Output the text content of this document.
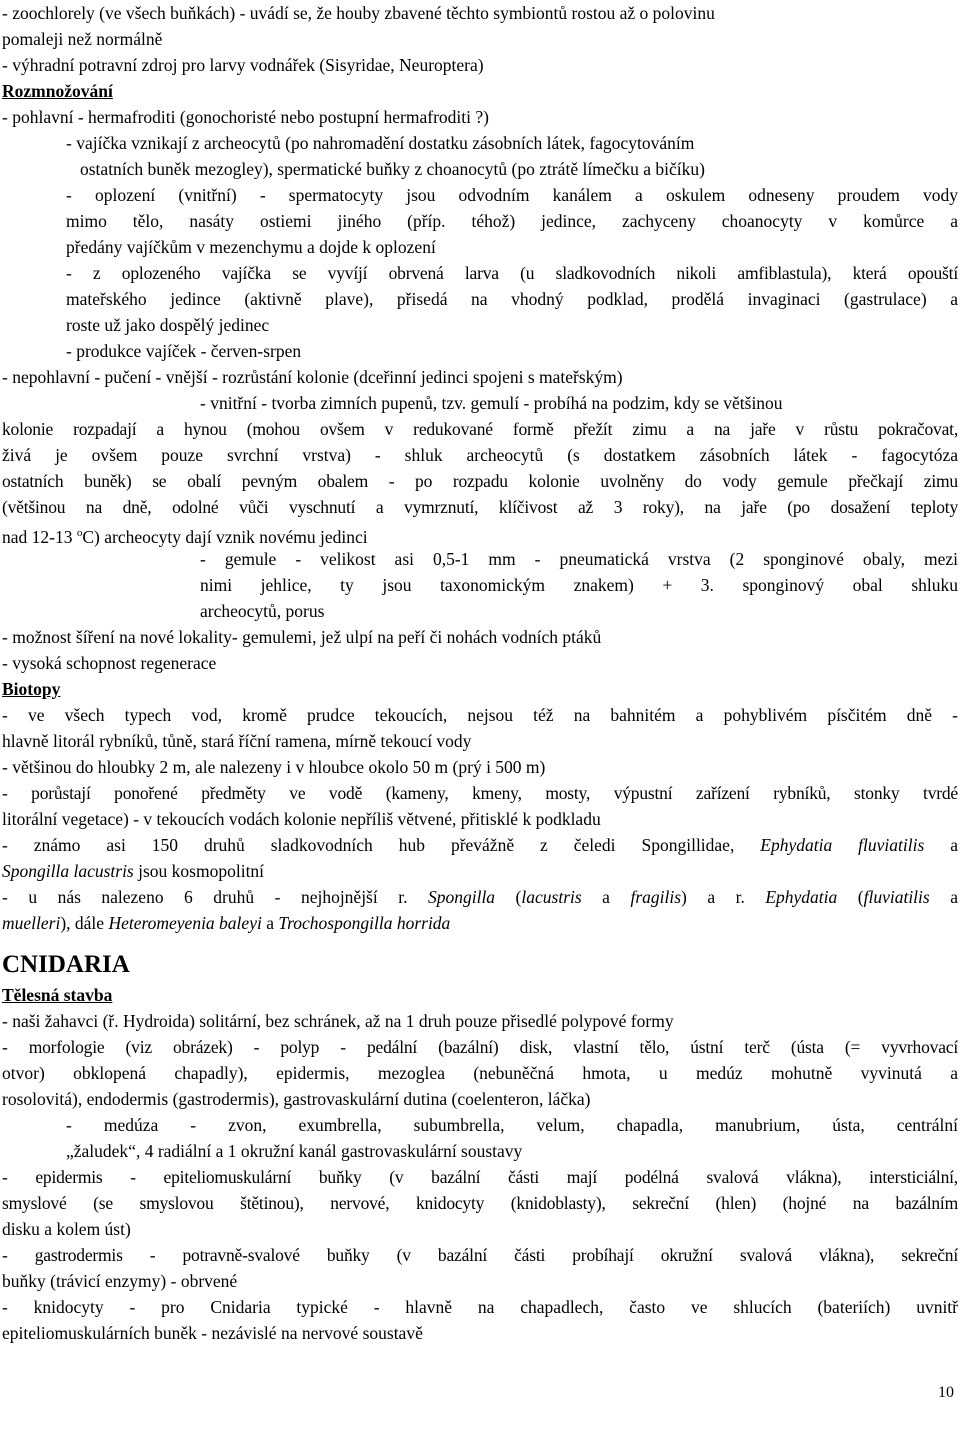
- zoochlorely (ve všech buňkách) - uvádí se, že houby zbavené těchto symbiontů rostou až o polovinu
pomaleji než normálně
- výhradní potravní zdroj pro larvy vodnářek (Sisyridae, Neuroptera)
Rozmnožování
- pohlavní - hermafroditi (gonochoristé nebo postupní hermafroditi ?)
- vajíčka vznikají z archeocytů (po nahromadění dostatku zásobních látek, fagocytováním
ostatních buněk mezogley), spermatické buňky z choanocytů (po ztrátě límečku a bičíku)
- oplození (vnitřní) - spermatocyty jsou odvodním kanálem a oskulem odneseny proudem vody
mimo tělo, nasáty ostiemi jiného (příp. téhož) jedince, zachyceny choanocyty v komůrce a
předány vajíčkům v mezenchymu a dojde k oplození
- z oplozeného vajíčka se vyvíjí obrvená larva (u sladkovodních nikoli amfiblastula), která opouští
mateřského jedince (aktivně plave), přisedá na vhodný podklad, prodělá invaginaci (gastrulace) a
roste už jako dospělý jedinec
- produkce vajíček - červen-srpen
- nepohlavní - pučení - vnější - rozrůstání kolonie (dceřinní jedinci spojeni s mateřským)
- vnitřní - tvorba zimních pupenů, tzv. gemulí - probíhá na podzim, kdy se většinou
kolonie rozpadají a hynou (mohou ovšem v redukované formě přežít zimu a na jaře v růstu pokračovat,
živá je ovšem pouze svrchní vrstva) - shluk archeocytů (s dostatkem zásobních látek - fagocytóza
ostatních buněk) se obalí pevným obalem - po rozpadu kolonie uvolněny do vody gemule přečkají zimu
(většinou na dně, odolné vůči vyschnutí a vymrznutí, klíčivost až 3 roky), na jaře (po dosažení teploty
nad 12-13 $^o$C) archeocyty dají vznik novému jedinci
- gemule - velikost asi 0,5-1 mm - pneumatická vrstva (2 sponginové obaly, mezi
nimi jehlice, ty jsou taxonomickým znakem) + 3. sponginový obal shluku
archeocytů, porus
- možnost šíření na nové lokality- gemulemi, jež ulpí na peří či nohách vodních ptáků
- vysoká schopnost regenerace
Biotopy
- ve všech typech vod, kromě prudce tekoucích, nejsou též na bahnitém a pohyblivém písčitém dně -
hlavně litorál rybníků, tůně, stará říční ramena, mírně tekoucí vody
- většinou do hloubky 2 m, ale nalezeny i v hloubce okolo 50 m (prý i 500 m)
- porůstají ponořené předměty ve vodě (kameny, kmeny, mosty, výpustní zařízení rybníků, stonky tvrdé
litorální vegetace) - v tekoucích vodách kolonie nepříliš větvené, přitisklé k podkladu
- známo asi 150 druhů sladkovodních hub převážně z čeledi Spongillidae, Ephydatia fluviatilis a
Spongilla lacustris jsou kosmopolitní
- u nás nalezeno 6 druhů - nejhojnější r. Spongilla (lacustris a fragilis) a r. Ephydatia (fluviatilis a
muelleri), dále Heteromeyenia baleyi a Trochospongilla horrida
CNIDARIA
Tělesná stavba
- naši žahavci (ř. Hydroida) solitární, bez schránek, až na 1 druh pouze přisedlé polypové formy
- morfologie (viz obrázek) - polyp - pedální (bazální) disk, vlastní tělo, ústní terč (ústa (= vyvrhovací
otvor) obklopená chapadly), epidermis, mezoglea (nebuněčná hmota, u medúz mohutně vyvinutá a
rosolovitá), endodermis (gastrodermis), gastrovaskulární dutina (coelenteron, láčka)
- medúza - zvon, exumbrella, subumbrella, velum, chapadla, manubrium, ústa, centrální
„žaludek“, 4 radiální a 1 okružní kanál gastrovaskulární soustavy
- epidermis - epiteliomuskulární buňky (v bazální části mají podélná svalová vlákna), intersticiální,
smyslové (se smyslovou štětinou), nervové, knidocyty (knidoblasty), sekreční (hlen) (hojné na bazálním
disku a kolem úst)
- gastrodermis - potravně-svalové buňky (v bazální části probíhají okružní svalová vlákna), sekreční
buňky (trávicí enzymy) - obrvené
- knidocyty - pro Cnidaria typické - hlavně na chapadlech, často ve shlucích (bateriích) uvnitř
epiteliomuskulárních buněk - nezávislé na nervové soustavě
10
